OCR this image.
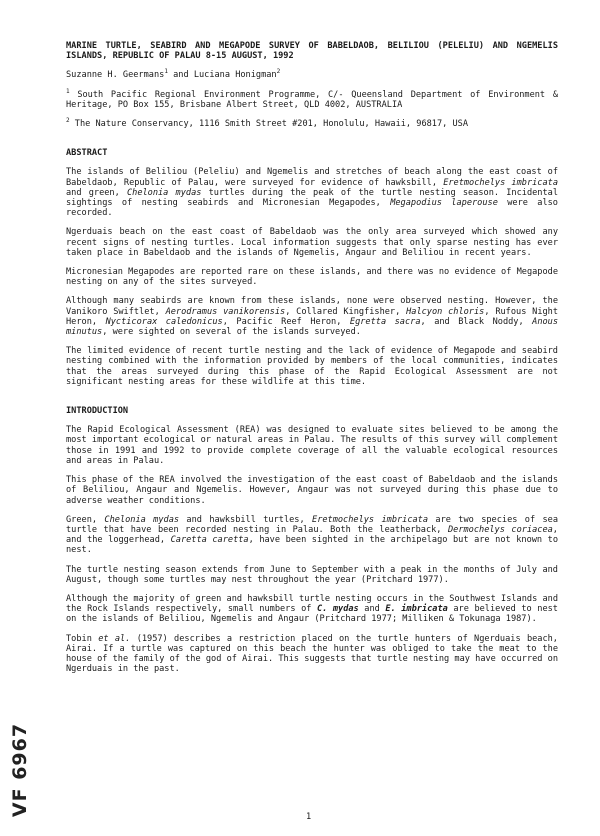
MARINE TURTLE, SEABIRD AND MEGAPODE SURVEY OF BABELDAOB, BELILIOU (PELELIU) AND NGEMELIS ISLANDS, REPUBLIC OF PALAU 8-15 AUGUST, 1992

Suzanne H. Geermans$^1$ and Luciana Honigman$^2$

$^1$ South Pacific Regional Environment Programme, C/- Queensland Department of Environment & Heritage, PO Box 155, Brisbane Albert Street, QLD 4002, AUSTRALIA

$^2$ The Nature Conservancy, 1116 Smith Street #201, Honolulu, Hawaii, 96817, USA

ABSTRACT

The islands of Beliliou (Peleliu) and Ngemelis and stretches of beach along the east coast of Babeldaob, Republic of Palau, were surveyed for evidence of hawksbill, Eretmochelys imbricata and green, Chelonia mydas turtles during the peak of the turtle nesting season. Incidental sightings of nesting seabirds and Micronesian Megapodes, Megapodius laperouse were also recorded.

Ngerduais beach on the east coast of Babeldaob was the only area surveyed which showed any recent signs of nesting turtles. Local information suggests that only sparse nesting has ever taken place in Babeldaob and the islands of Ngemelis, Angaur and Beliliou in recent years.

Micronesian Megapodes are reported rare on these islands, and there was no evidence of Megapode nesting on any of the sites surveyed.

Although many seabirds are known from these islands, none were observed nesting. However, the Vanikoro Swiftlet, Aerodramus vanikorensis, Collared Kingfisher, Halcyon chloris, Rufous Night Heron, Nycticorax caledonicus, Pacific Reef Heron, Egretta sacra, and Black Noddy, Anous minutus, were sighted on several of the islands surveyed.

The limited evidence of recent turtle nesting and the lack of evidence of Megapode and seabird nesting combined with the information provided by members of the local communities, indicates that the areas surveyed during this phase of the Rapid Ecological Assessment are not significant nesting areas for these wildlife at this time.

INTRODUCTION

The Rapid Ecological Assessment (REA) was designed to evaluate sites believed to be among the most important ecological or natural areas in Palau. The results of this survey will complement those in 1991 and 1992 to provide complete coverage of all the valuable ecological resources and areas in Palau.

This phase of the REA involved the investigation of the east coast of Babeldaob and the islands of Beliliou, Angaur and Ngemelis. However, Angaur was not surveyed during this phase due to adverse weather conditions.

Green, Chelonia mydas and hawksbill turtles, Eretmochelys imbricata are two species of sea turtle that have been recorded nesting in Palau. Both the leatherback, Dermochelys coriacea, and the loggerhead, Caretta caretta, have been sighted in the archipelago but are not known to nest.

The turtle nesting season extends from June to September with a peak in the months of July and August, though some turtles may nest throughout the year (Pritchard 1977).

Although the majority of green and hawksbill turtle nesting occurs in the Southwest Islands and the Rock Islands respectively, small numbers of C. mydas and E. imbricata are believed to nest on the islands of Beliliou, Ngemelis and Angaur (Pritchard 1977; Milliken & Tokunaga 1987).

Tobin et al. (1957) describes a restriction placed on the turtle hunters of Ngerduais beach, Airai. If a turtle was captured on this beach the hunter was obliged to take the meat to the house of the family of the god of Airai. This suggests that turtle nesting may have occurred on Ngerduais in the past.

1
VF 6967
